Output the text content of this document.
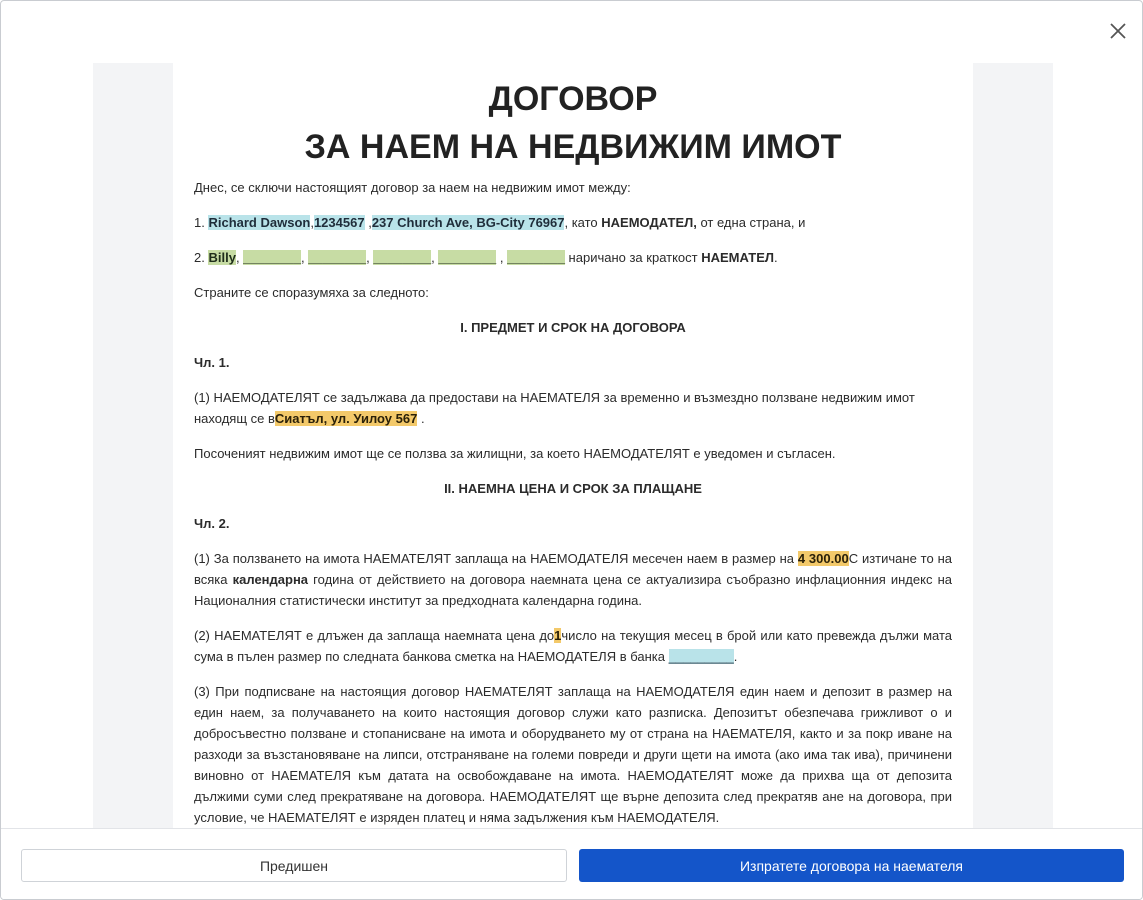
ДОГОВОР
ЗА НАЕМ НА НЕДВИЖИМ ИМОТ

Днес, се сключи настоящият договор за наем на недвижим имот между:

1. Richard Dawson,1234567 ,237 Church Ave, BG-City 76967, като НАЕМОДАТЕЛ, от една страна, и

2. Billy, ________, ________, ________, ________ , ________ наричано за краткост НАЕМАТЕЛ.

Страните се споразумяха за следното:

I. ПРЕДМЕТ И СРОК НА ДОГОВОРА

Чл. 1.

(1) НАЕМОДАТЕЛЯТ се задължава да предостави на НАЕМАТЕЛЯ за временно и възмездно ползване недвижим имот находящ се вСиатъл, ул. Уилоу 567 .

Посоченият недвижим имот ще се ползва за жилищни, за което НАЕМОДАТЕЛЯТ е уведомен и съгласен.

II. НАЕМНА ЦЕНА И СРОК ЗА ПЛАЩАНЕ

Чл. 2.

(1) За ползването на имота НАЕМАТЕЛЯТ заплаща на НАЕМОДАТЕЛЯ месечен наем в размер на 4 300.00С изтичане то на всяка календарна година от действието на договора наемната цена се актуализира съобразно инфлационния индекс на Националния статистически институт за предходната календарна година.

(2) НАЕМАТЕЛЯТ е длъжен да заплаща наемната цена до1число на текущия месец в брой или като превежда дължи мата сума в пълен размер по следната банкова сметка на НАЕМОДАТЕЛЯ в банка _________.

(3) При подписване на настоящия договор НАЕМАТЕЛЯТ заплаща на НАЕМОДАТЕЛЯ един наем и депозит в размер на един наем, за получаването на които настоящия договор служи като разписка. Депозитът обезпечава грижливот о и добросъвестно ползване и стопанисване на имота и оборудването му от страна на НАЕМАТЕЛЯ, както и за покр иване на разходи за възстановяване на липси, отстраняване на големи повреди и други щети на имота (ако има так ива), причинени виновно от НАЕМАТЕЛЯ към датата на освобождаване на имота. НАЕМОДАТЕЛЯТ може да прихва ща от депозита дължими суми след прекратяване на договора. НАЕМОДАТЕЛЯТ ще върне депозита след прекратяв ане на договора, при условие, че НАЕМАТЕЛЯТ е изряден платец и няма задължения към НАЕМОДАТЕЛЯ.

Предишен	Изпратете договора на наемателя
